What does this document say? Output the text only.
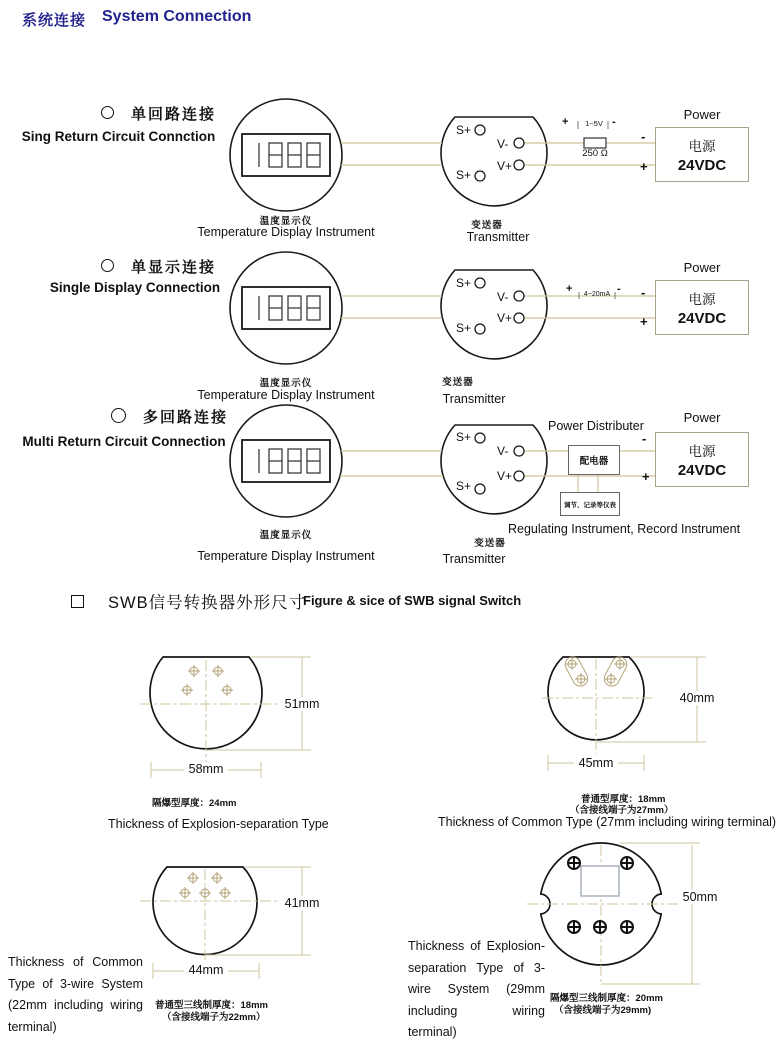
系统连接 System Connection
单回路连接
Sing Return Circuit Connction	S+
V-
V+
S+
+	1~5V -
250 Ω
温度显示仪
Temperature Display Instrument	变送器
Transmitter
Power
电源
24VDC
-
+
单显示连接
Single Display Connection	S+
V-
V+
S+
+	4~20mA -
温度显示仪
Temperature Display Instrument
变送器
Transmitter
Power
电源
24VDC
-
+
多回路连接
Multi Return Circuit Connection	S+
V-
V+
S+
Power Distributer
配电器
调节、记录等仪表
Regulating Instrument, Record Instrument
温度显示仪
Temperature Display Instrument
变送器
Transmitter
Power
电源
24VDC
-
+
SWB信号转换器外形尺寸
Figure & sice of SWB signal Switch
51mm
58mm
隔爆型厚度：24mm
Thickness of Explosion-separation Type
40mm
45mm
普通型厚度：18mm
（含接线端子为27mm）
Thickness of Common Type (27mm including wiring terminal)
41mm
44mm
普通型三线制厚度：18mm
（含接线端子为22mm）
Thickness of Common Type of 3-wire System (22mm including wiring terminal)
50mm
隔爆型三线制厚度：20mm
（含接线端子为29mm)
Thickness of Explosion-separation Type of 3-wire System (29mm including wiring terminal)
